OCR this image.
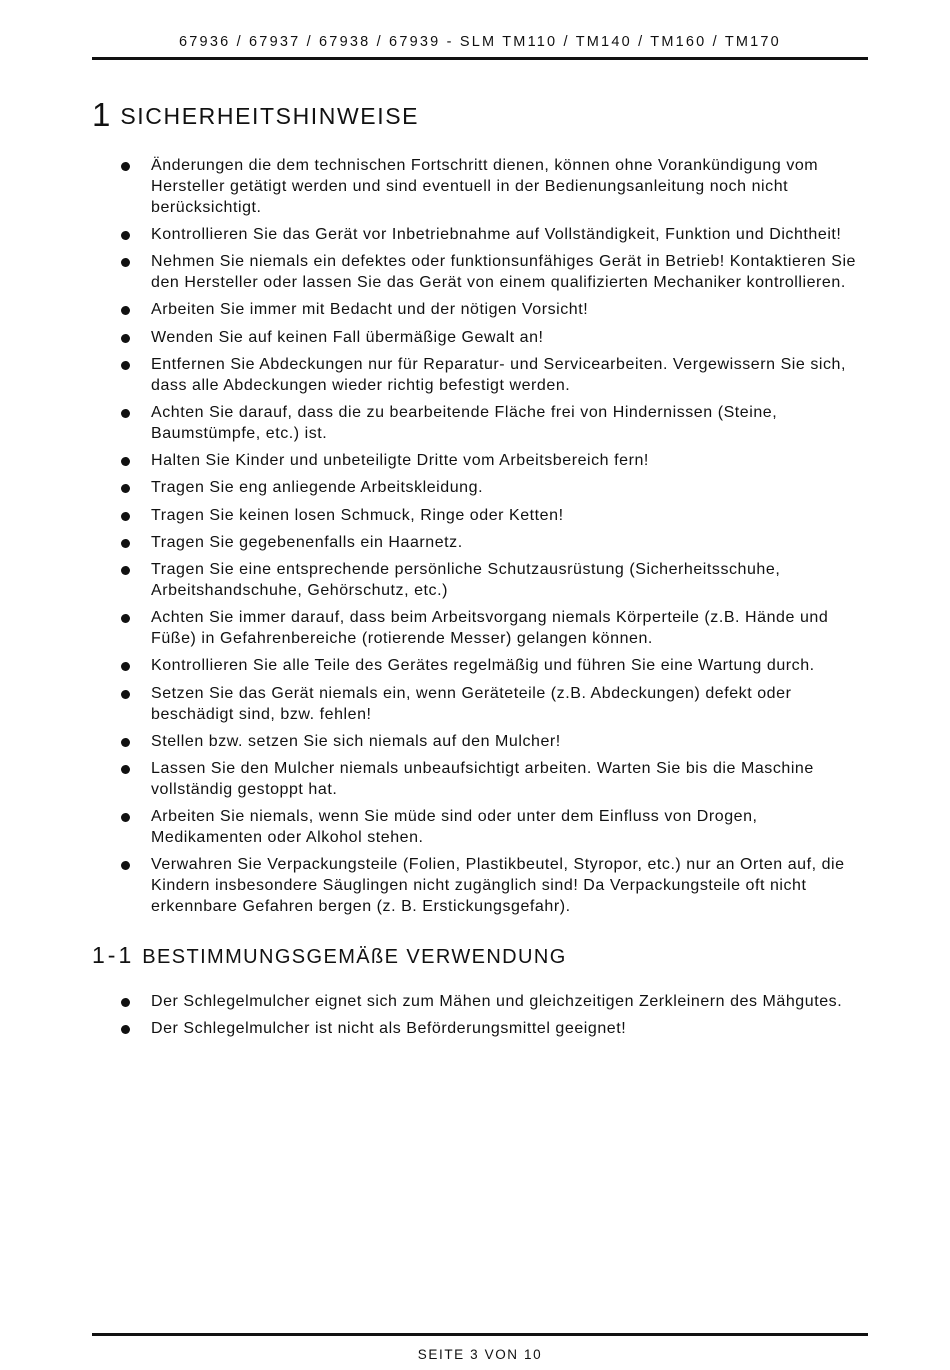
67936 / 67937 / 67938 / 67939 - SLM TM110 / TM140 / TM160 / TM170
1 SICHERHEITSHINWEISE
Änderungen die dem technischen Fortschritt dienen, können ohne Vorankündigung vom Hersteller getätigt werden und sind eventuell in der Bedienungsanleitung noch nicht berücksichtigt.
Kontrollieren Sie das Gerät vor Inbetriebnahme auf Vollständigkeit, Funktion und Dichtheit!
Nehmen Sie niemals ein defektes oder funktionsunfähiges Gerät in Betrieb! Kontaktieren Sie den Hersteller oder lassen Sie das Gerät von einem qualifizierten Mechaniker kontrollieren.
Arbeiten Sie immer mit Bedacht und der nötigen Vorsicht!
Wenden Sie auf keinen Fall übermäßige Gewalt an!
Entfernen Sie Abdeckungen nur für Reparatur- und Servicearbeiten. Vergewissern Sie sich, dass alle Abdeckungen wieder richtig befestigt werden.
Achten Sie darauf, dass die zu bearbeitende Fläche frei von Hindernissen (Steine, Baumstümpfe, etc.) ist.
Halten Sie Kinder und unbeteiligte Dritte vom Arbeitsbereich fern!
Tragen Sie eng anliegende Arbeitskleidung.
Tragen Sie keinen losen Schmuck, Ringe oder Ketten!
Tragen Sie gegebenenfalls ein Haarnetz.
Tragen Sie eine entsprechende persönliche Schutzausrüstung (Sicherheitsschuhe, Arbeitshandschuhe, Gehörschutz, etc.)
Achten Sie immer darauf, dass beim Arbeitsvorgang niemals Körperteile (z.B. Hände und Füße) in Gefahrenbereiche (rotierende Messer) gelangen können.
Kontrollieren Sie alle Teile des Gerätes regelmäßig und führen Sie eine Wartung durch.
Setzen Sie das Gerät niemals ein, wenn Geräteteile (z.B. Abdeckungen) defekt oder beschädigt sind, bzw. fehlen!
Stellen bzw. setzen Sie sich niemals auf den Mulcher!
Lassen Sie den Mulcher niemals unbeaufsichtigt arbeiten. Warten Sie bis die Maschine vollständig gestoppt hat.
Arbeiten Sie niemals, wenn Sie müde sind oder unter dem Einfluss von Drogen, Medikamenten oder Alkohol stehen.
Verwahren Sie Verpackungsteile (Folien, Plastikbeutel, Styropor, etc.) nur an Orten auf, die Kindern insbesondere Säuglingen nicht zugänglich sind! Da Verpackungsteile oft nicht erkennbare Gefahren bergen (z. B. Erstickungsgefahr).
1-1 BESTIMMUNGSGEMÄßE VERWENDUNG
Der Schlegelmulcher eignet sich zum Mähen und gleichzeitigen Zerkleinern des Mähgutes.
Der Schlegelmulcher ist nicht als Beförderungsmittel geeignet!
SEITE 3 VON 10
